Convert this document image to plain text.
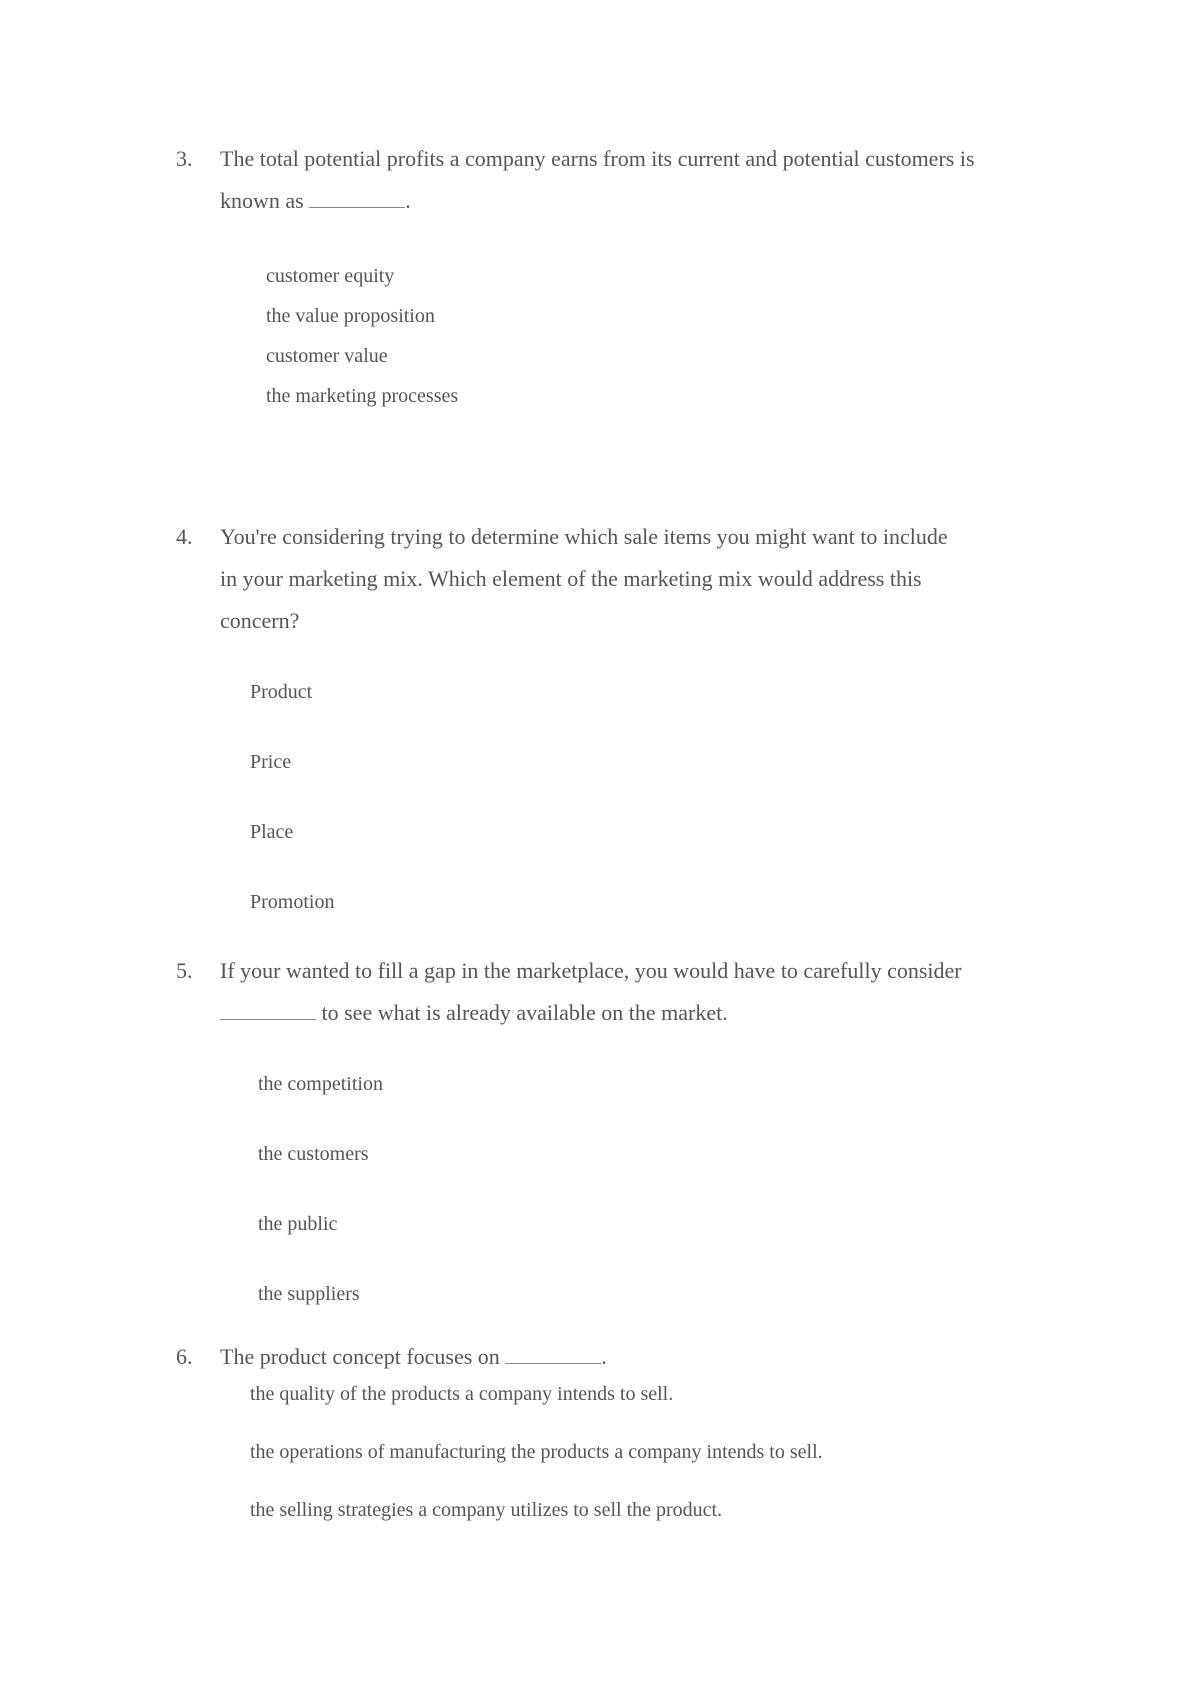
3.	The total potential profits a company earns from its current and potential customers is
known as	.
customer equity
the value proposition
customer value
the marketing processes
4.	You're considering trying to determine which sale items you might want to include
in your marketing mix. Which element of the marketing mix would address this
concern?
Product
Price
Place
Promotion
5.	If your wanted to fill a gap in the marketplace, you would have to carefully consider
to see what is already available on the market.
the competition
the customers
the public
the suppliers
6.	The product concept focuses on	.
the quality of the products a company intends to sell.
the operations of manufacturing the products a company intends to sell.
the selling strategies a company utilizes to sell the product.
